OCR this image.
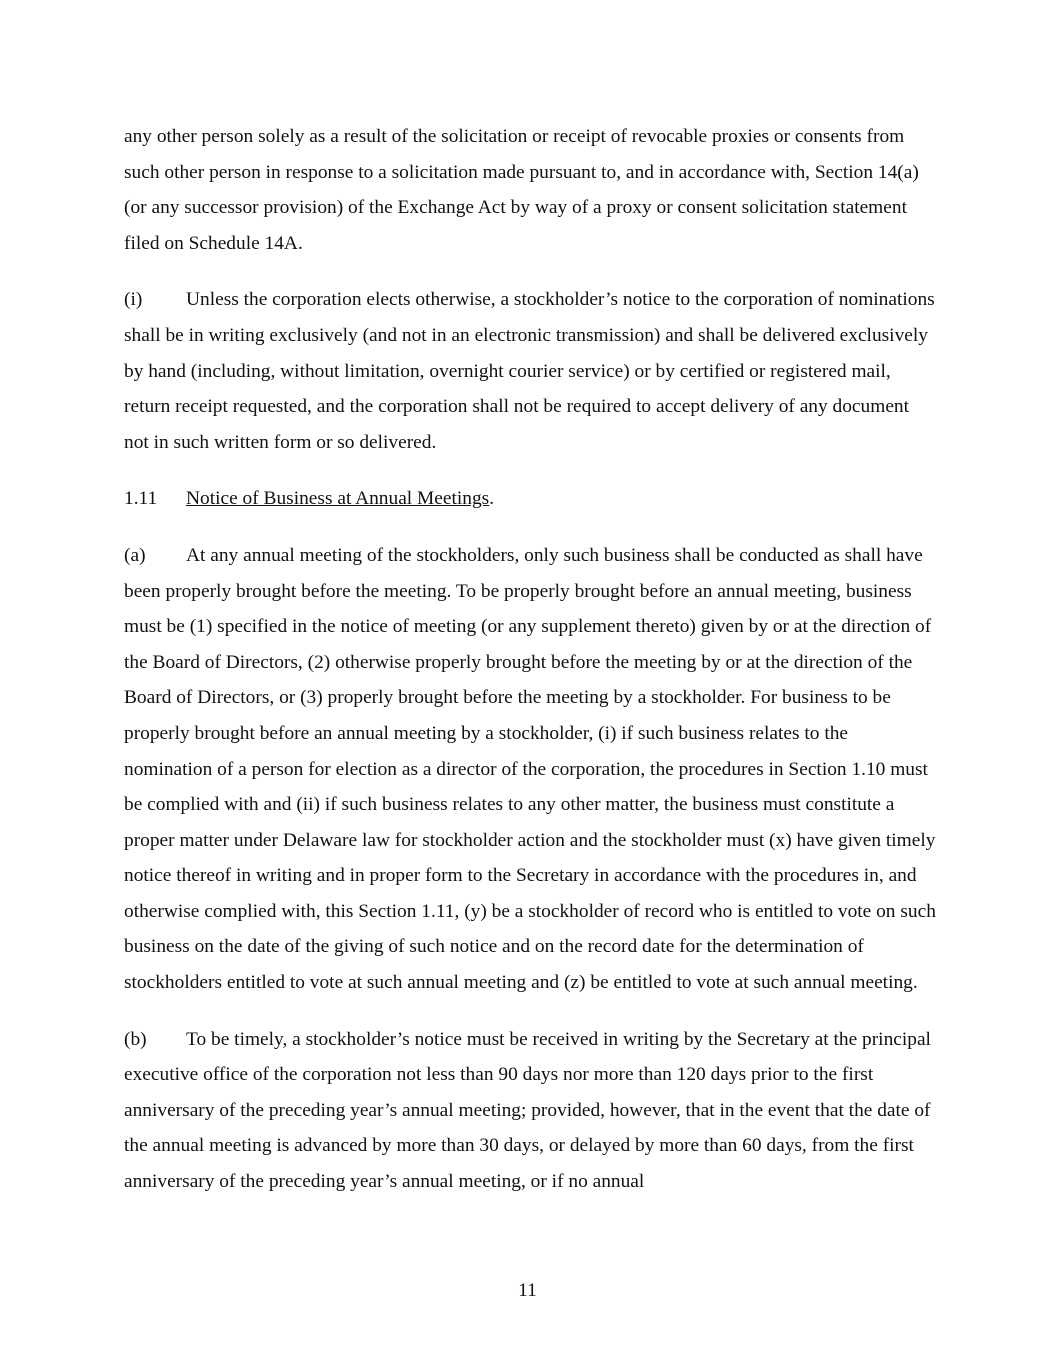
any other person solely as a result of the solicitation or receipt of revocable proxies or consents from such other person in response to a solicitation made pursuant to, and in accordance with, Section 14(a) (or any successor provision) of the Exchange Act by way of a proxy or consent solicitation statement filed on Schedule 14A.

(i) Unless the corporation elects otherwise, a stockholder’s notice to the corporation of nominations shall be in writing exclusively (and not in an electronic transmission) and shall be delivered exclusively by hand (including, without limitation, overnight courier service) or by certified or registered mail, return receipt requested, and the corporation shall not be required to accept delivery of any document not in such written form or so delivered.

1.11 Notice of Business at Annual Meetings.

(a) At any annual meeting of the stockholders, only such business shall be conducted as shall have been properly brought before the meeting. To be properly brought before an annual meeting, business must be (1) specified in the notice of meeting (or any supplement thereto) given by or at the direction of the Board of Directors, (2) otherwise properly brought before the meeting by or at the direction of the Board of Directors, or (3) properly brought before the meeting by a stockholder. For business to be properly brought before an annual meeting by a stockholder, (i) if such business relates to the nomination of a person for election as a director of the corporation, the procedures in Section 1.10 must be complied with and (ii) if such business relates to any other matter, the business must constitute a proper matter under Delaware law for stockholder action and the stockholder must (x) have given timely notice thereof in writing and in proper form to the Secretary in accordance with the procedures in, and otherwise complied with, this Section 1.11, (y) be a stockholder of record who is entitled to vote on such business on the date of the giving of such notice and on the record date for the determination of stockholders entitled to vote at such annual meeting and (z) be entitled to vote at such annual meeting.

(b) To be timely, a stockholder’s notice must be received in writing by the Secretary at the principal executive office of the corporation not less than 90 days nor more than 120 days prior to the first anniversary of the preceding year’s annual meeting; provided, however, that in the event that the date of the annual meeting is advanced by more than 30 days, or delayed by more than 60 days, from the first anniversary of the preceding year’s annual meeting, or if no annual

11
